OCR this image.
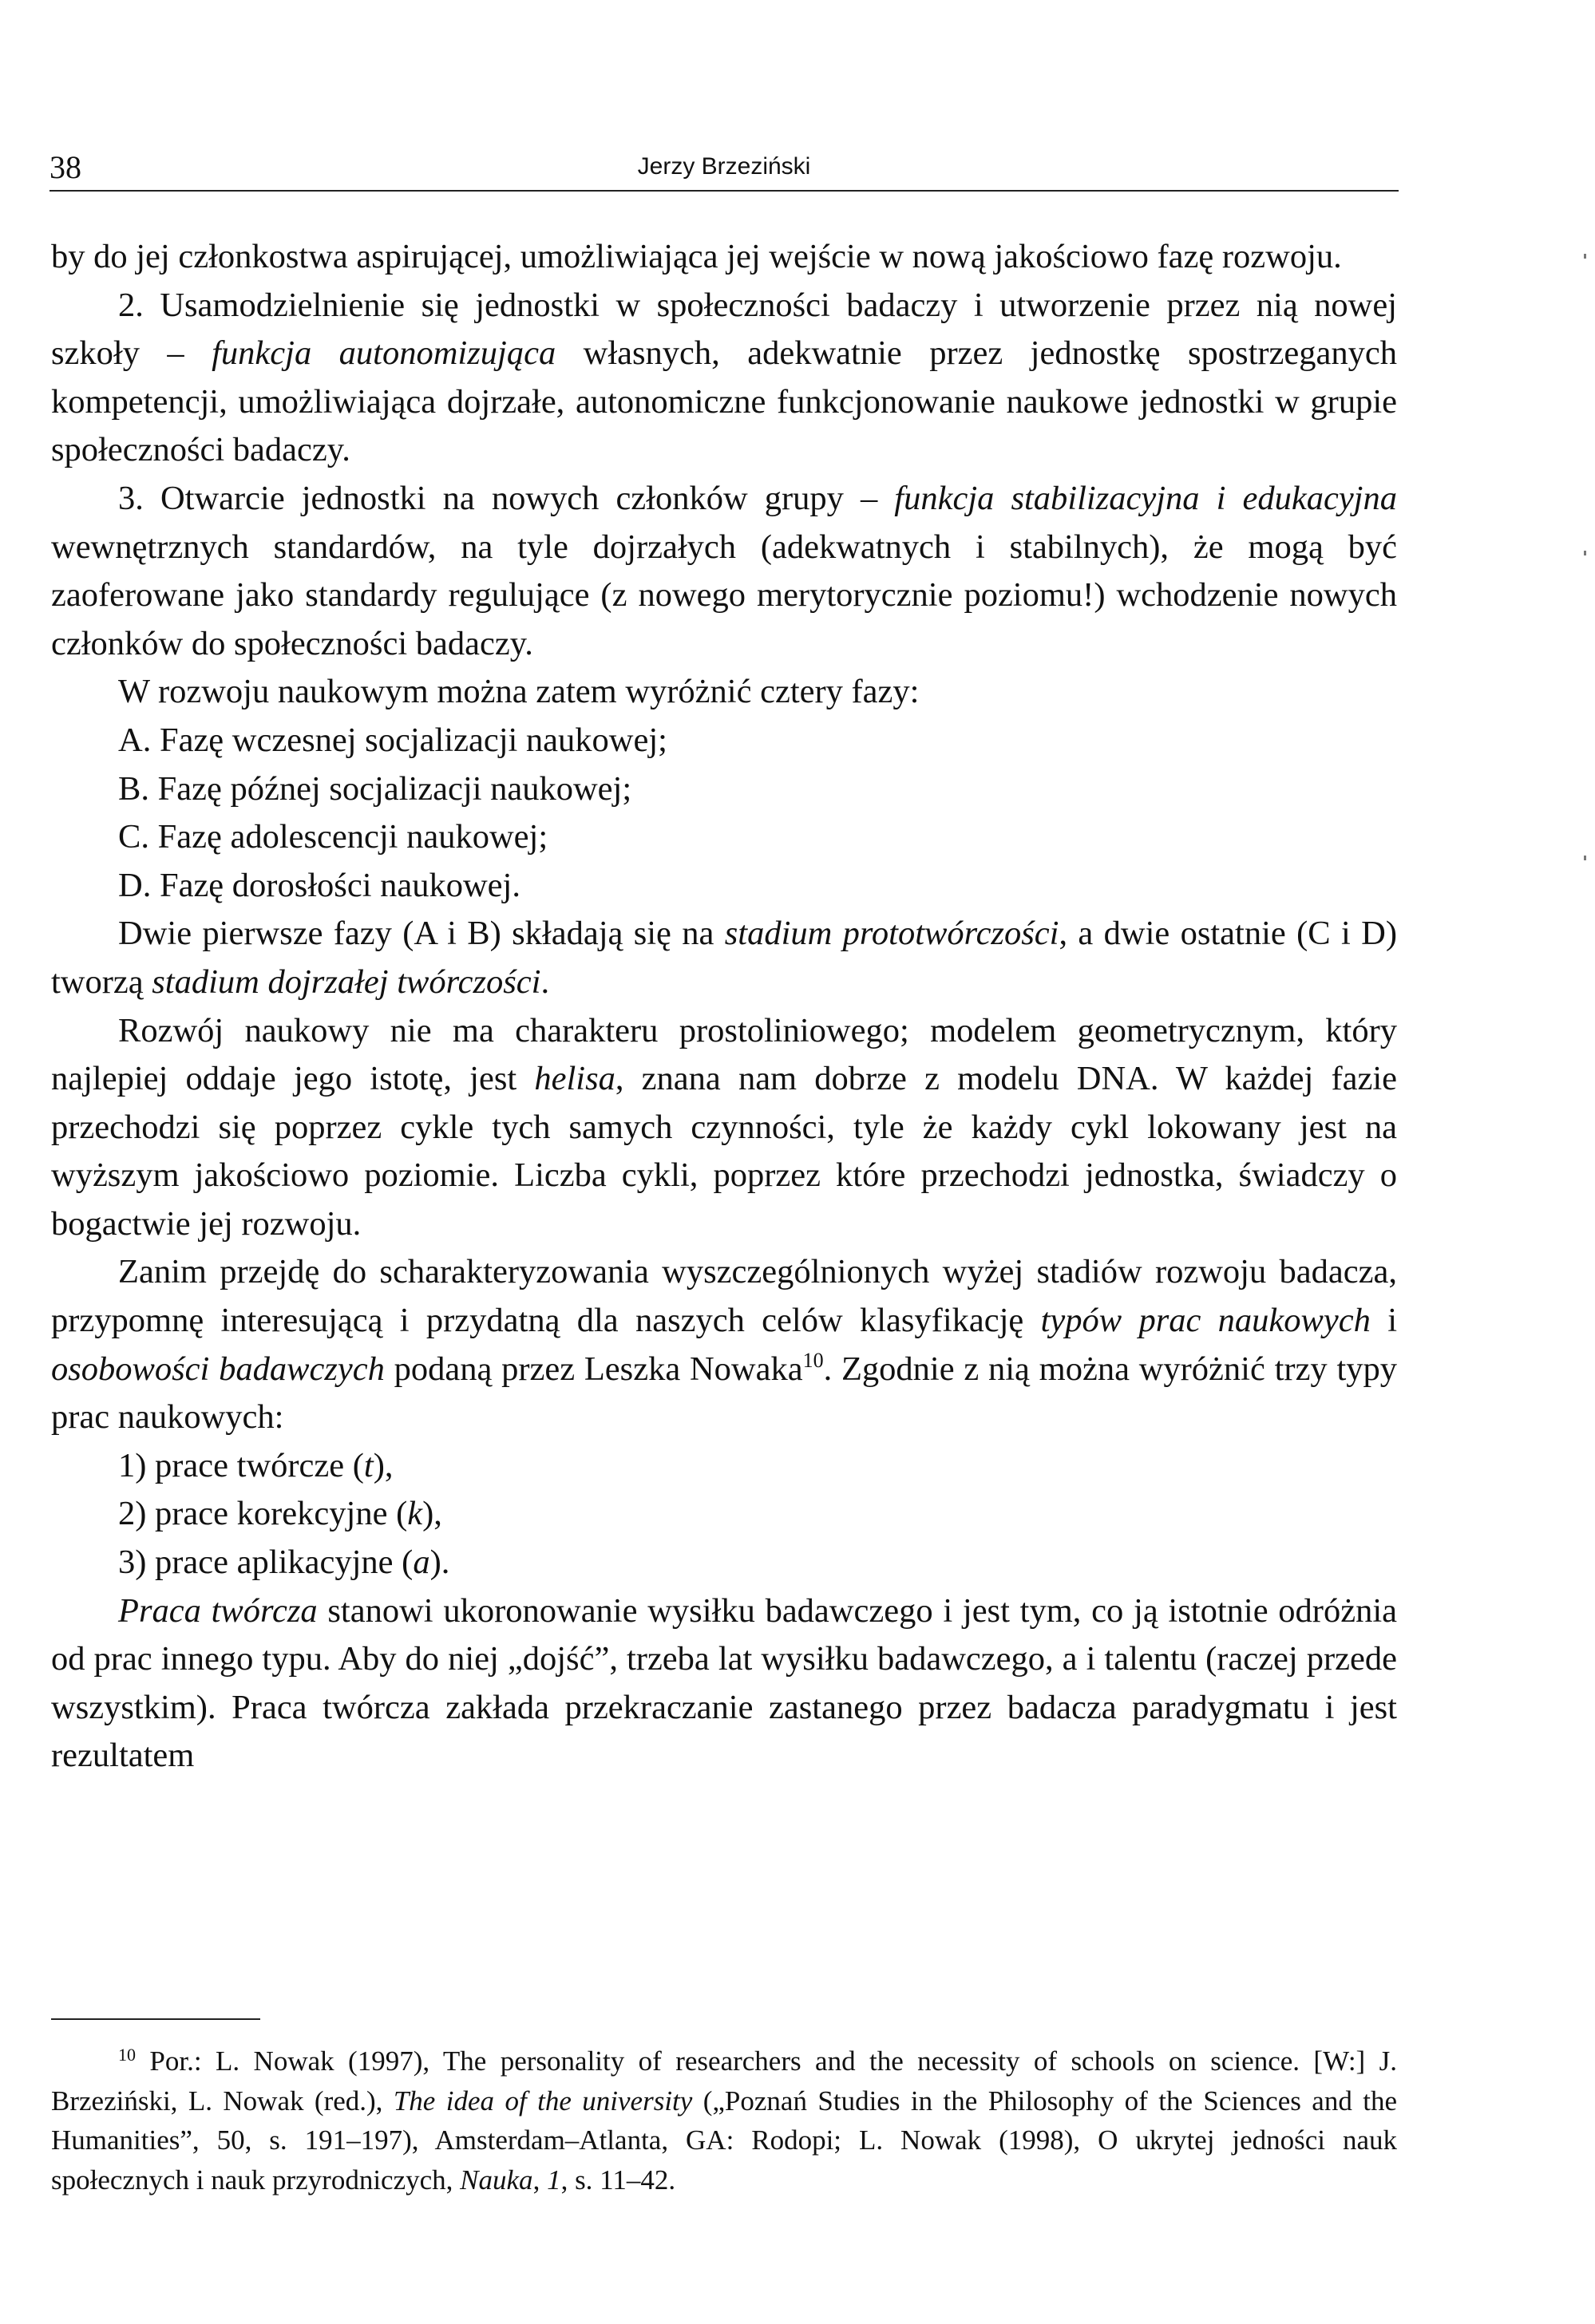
38	Jerzy Brzeziński

by do jej członkostwa aspirującej, umożliwiająca jej wejście w nową jakościowo fazę rozwoju.

2. Usamodzielnienie się jednostki w społeczności badaczy i utworzenie przez nią nowej szkoły – funkcja autonomizująca własnych, adekwatnie przez jednostkę spostrzeganych kompetencji, umożliwiająca dojrzałe, autonomiczne funkcjonowanie naukowe jednostki w grupie społeczności badaczy.

3. Otwarcie jednostki na nowych członków grupy – funkcja stabilizacyjna i edukacyjna wewnętrznych standardów, na tyle dojrzałych (adekwatnych i stabilnych), że mogą być zaoferowane jako standardy regulujące (z nowego merytorycznie poziomu!) wchodzenie nowych członków do społeczności badaczy.

W rozwoju naukowym można zatem wyróżnić cztery fazy:

A. Fazę wczesnej socjalizacji naukowej;

B. Fazę późnej socjalizacji naukowej;

C. Fazę adolescencji naukowej;

D. Fazę dorosłości naukowej.

Dwie pierwsze fazy (A i B) składają się na stadium prototwórczości, a dwie ostatnie (C i D) tworzą stadium dojrzałej twórczości.

Rozwój naukowy nie ma charakteru prostoliniowego; modelem geometrycznym, który najlepiej oddaje jego istotę, jest helisa, znana nam dobrze z modelu DNA. W każdej fazie przechodzi się poprzez cykle tych samych czynności, tyle że każdy cykl lokowany jest na wyższym jakościowo poziomie. Liczba cykli, poprzez które przechodzi jednostka, świadczy o bogactwie jej rozwoju.

Zanim przejdę do scharakteryzowania wyszczególnionych wyżej stadiów rozwoju badacza, przypomnę interesującą i przydatną dla naszych celów klasyfikację typów prac naukowych i osobowości badawczych podaną przez Leszka Nowaka$^{10}$. Zgodnie z nią można wyróżnić trzy typy prac naukowych:

1) prace twórcze (t),

2) prace korekcyjne (k),

3) prace aplikacyjne (a).

Praca twórcza stanowi ukoronowanie wysiłku badawczego i jest tym, co ją istotnie odróżnia od prac innego typu. Aby do niej „dojść”, trzeba lat wysiłku badawczego, a i talentu (raczej przede wszystkim). Praca twórcza zakłada przekraczanie zastanego przez badacza paradygmatu i jest rezultatem

$^{10}$ Por.: L. Nowak (1997), The personality of researchers and the necessity of schools on science. [W:] J. Brzeziński, L. Nowak (red.), The idea of the university („Poznań Studies in the Philosophy of the Sciences and the Humanities”, 50, s. 191–197), Amsterdam–Atlanta, GA: Rodopi; L. Nowak (1998), O ukrytej jedności nauk społecznych i nauk przyrodniczych, Nauka, 1, s. 11–42.
